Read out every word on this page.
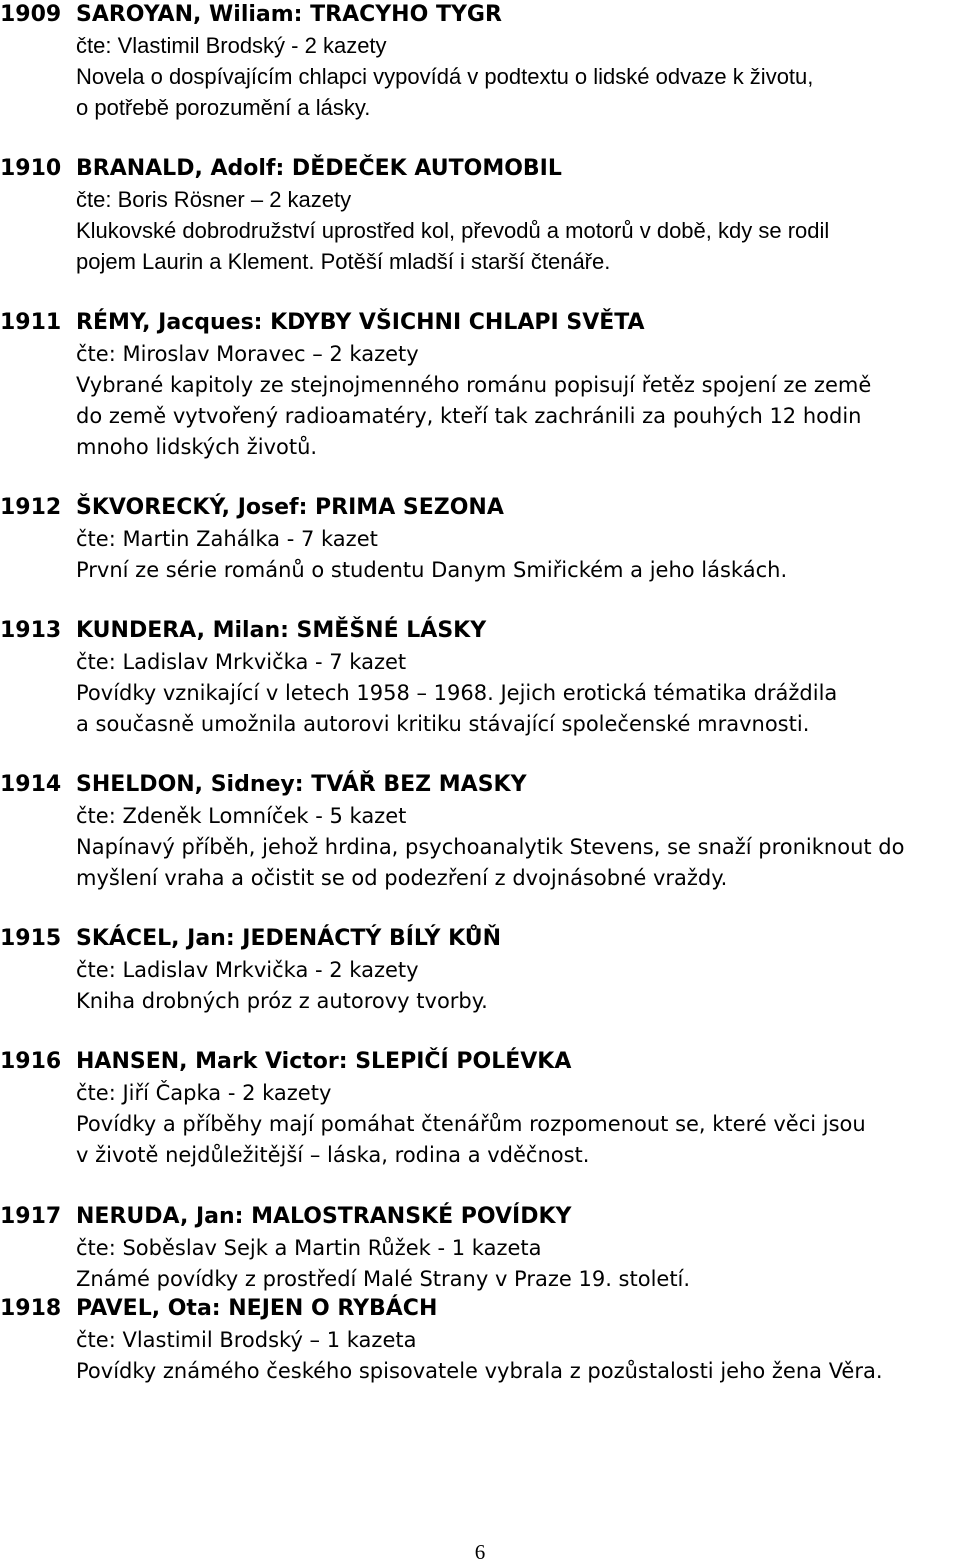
1909 SAROYAN, Wiliam: TRACYHO TYGR
čte: Vlastimil Brodský - 2 kazety
Novela o dospívajícím chlapci vypovídá v podtextu o lidské odvaze k životu,
o potřebě porozumění a lásky.
1910 BRANALD, Adolf: DĚDEČEK AUTOMOBIL
čte: Boris Rösner – 2 kazety
Klukovské dobrodružství uprostřed kol, převodů a motorů v době, kdy se rodil
pojem Laurin a Klement. Potěší mladší i starší čtenáře.
1911 RÉMY, Jacques: KDYBY VŠICHNI CHLAPI SVĚTA
čte: Miroslav Moravec – 2 kazety
Vybrané kapitoly ze stejnojmenného románu popisují řetěz spojení ze země
do země vytvořený radioamatéry, kteří tak zachránili za pouhých 12 hodin
mnoho lidských životů.
1912 ŠKVORECKÝ, Josef: PRIMA SEZONA
čte: Martin Zahálka - 7 kazet
První ze série románů o studentu Danym Smiřickém a jeho láskách.
1913 KUNDERA, Milan: SMĚŠNÉ LÁSKY
čte: Ladislav Mrkvička - 7 kazet
Povídky vznikající v letech 1958 – 1968. Jejich erotická tématika dráždila
a současně umožnila autorovi kritiku stávající společenské mravnosti.
1914 SHELDON, Sidney: TVÁŘ BEZ MASKY
čte: Zdeněk Lomníček - 5 kazet
Napínavý příběh, jehož hrdina, psychoanalytik Stevens, se snaží proniknout do
myšlení vraha a očistit se od podezření z dvojnásobné vraždy.
1915 SKÁCEL, Jan: JEDENÁCTÝ BÍLÝ KŮŇ
čte: Ladislav Mrkvička - 2 kazety
Kniha drobných próz z autorovy tvorby.
1916 HANSEN, Mark Victor: SLEPIČÍ POLÉVKA
čte: Jiří Čapka - 2 kazety
Povídky a příběhy mají pomáhat čtenářům rozpomenout se, které věci jsou
v životě nejdůležitější – láska, rodina a vděčnost.
1917 NERUDA, Jan: MALOSTRANSKÉ POVÍDKY
čte: Soběslav Sejk a Martin Růžek - 1 kazeta
Známé povídky z prostředí Malé Strany v Praze 19. století.
1918 PAVEL, Ota: NEJEN O RYBÁCH
čte: Vlastimil Brodský – 1 kazeta
Povídky známého českého spisovatele vybrala z pozůstalosti jeho žena Věra.
6
